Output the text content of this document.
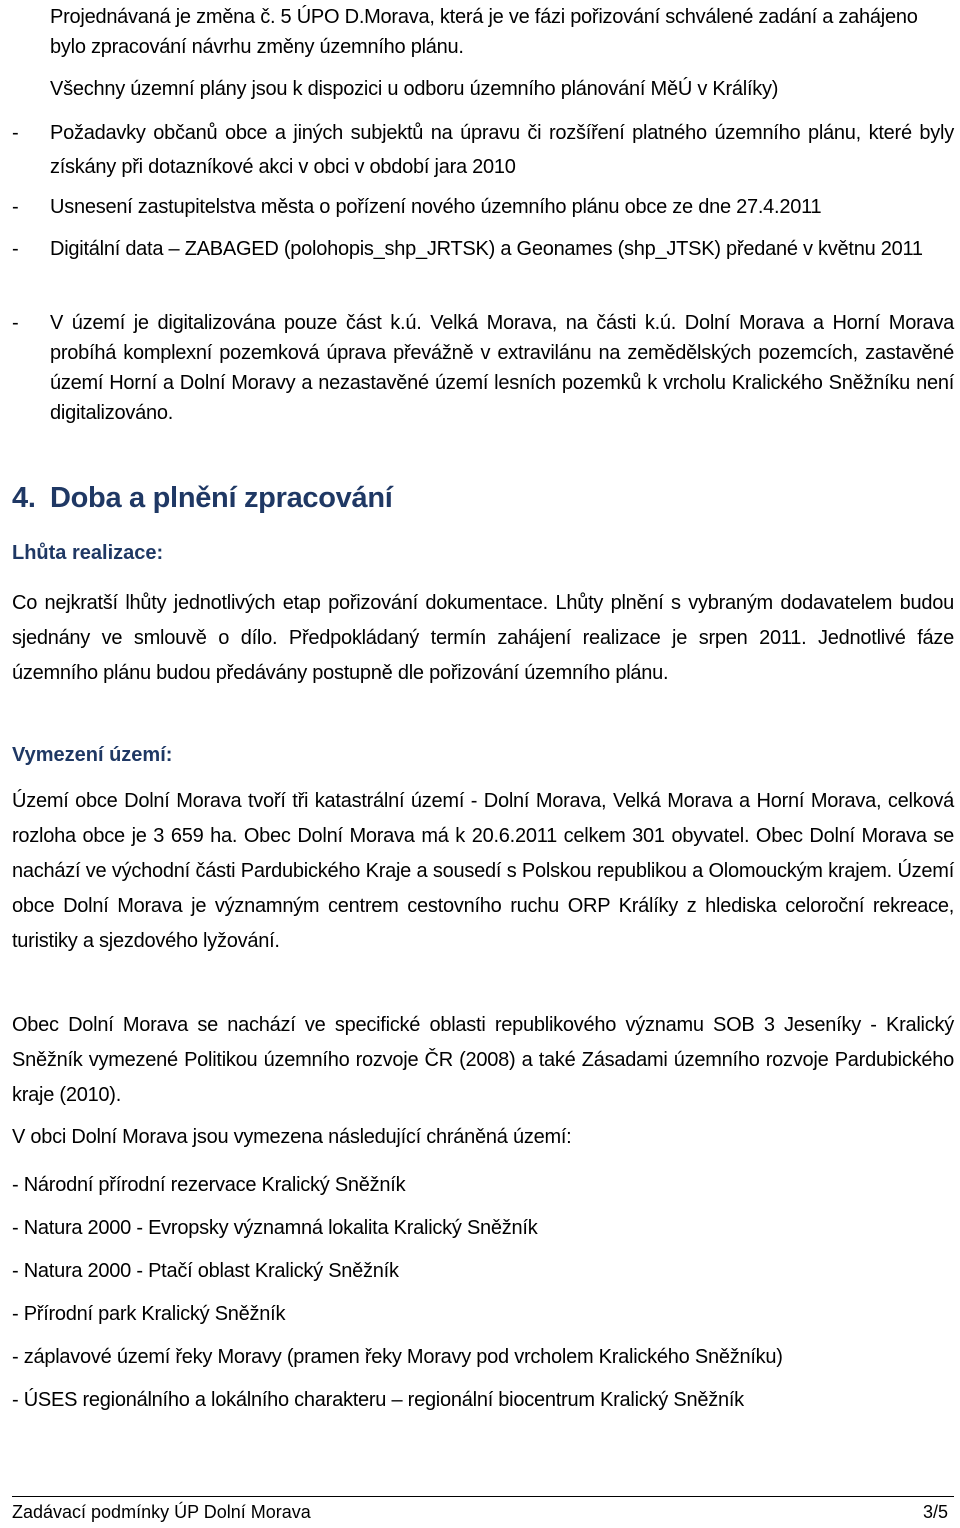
Projednávaná je změna č. 5 ÚPO D.Morava, která je ve fázi pořizování schválené zadání a zahájeno bylo zpracování návrhu změny územního plánu.
Všechny územní plány jsou k dispozici u odboru územního plánování MěÚ v Králíky)
- Požadavky občanů obce a jiných subjektů na úpravu či rozšíření platného územního plánu, které byly získány při dotazníkové akci v obci v období jara 2010
- Usnesení zastupitelstva města o pořízení nového územního plánu obce ze dne 27.4.2011
- Digitální data – ZABAGED (polohopis_shp_JRTSK) a Geonames (shp_JTSK) předané v květnu 2011
- V území je digitalizována pouze část k.ú. Velká Morava, na části k.ú. Dolní Morava a Horní Morava probíhá komplexní pozemková úprava převážně v extravilánu na zemědělských pozemcích, zastavěné území Horní a Dolní Moravy a nezastavěné území lesních pozemků k vrcholu Kralického Sněžníku není digitalizováno.
4. Doba a plnění zpracování
Lhůta realizace:
Co nejkratší lhůty jednotlivých etap pořizování dokumentace. Lhůty plnění s vybraným dodavatelem budou sjednány ve smlouvě o dílo. Předpokládaný termín zahájení realizace je srpen 2011. Jednotlivé fáze územního plánu budou předávány postupně dle pořizování územního plánu.
Vymezení území:
Území obce Dolní Morava tvoří tři katastrální území - Dolní Morava, Velká Morava a Horní Morava, celková rozloha obce je 3 659 ha. Obec Dolní Morava má k 20.6.2011 celkem 301 obyvatel. Obec Dolní Morava se nachází ve východní části Pardubického Kraje a sousedí s Polskou republikou a Olomouckým krajem. Území obce Dolní Morava je významným centrem cestovního ruchu ORP Králíky z hlediska celoroční rekreace, turistiky a sjezdového lyžování.
Obec Dolní Morava se nachází ve specifické oblasti republikového významu SOB 3 Jeseníky - Kralický Sněžník vymezené Politikou územního rozvoje ČR (2008) a také Zásadami územního rozvoje Pardubického kraje (2010).
V obci Dolní Morava jsou vymezena následující chráněná území:
- Národní přírodní rezervace Kralický Sněžník
- Natura 2000 - Evropsky významná lokalita Kralický Sněžník
- Natura 2000 - Ptačí oblast Kralický Sněžník
- Přírodní park Kralický Sněžník
- záplavové území řeky Moravy (pramen řeky Moravy pod vrcholem Kralického Sněžníku)
- ÚSES regionálního a lokálního charakteru – regionální biocentrum Kralický Sněžník
Zadávací podmínky ÚP Dolní Morava	3/5
